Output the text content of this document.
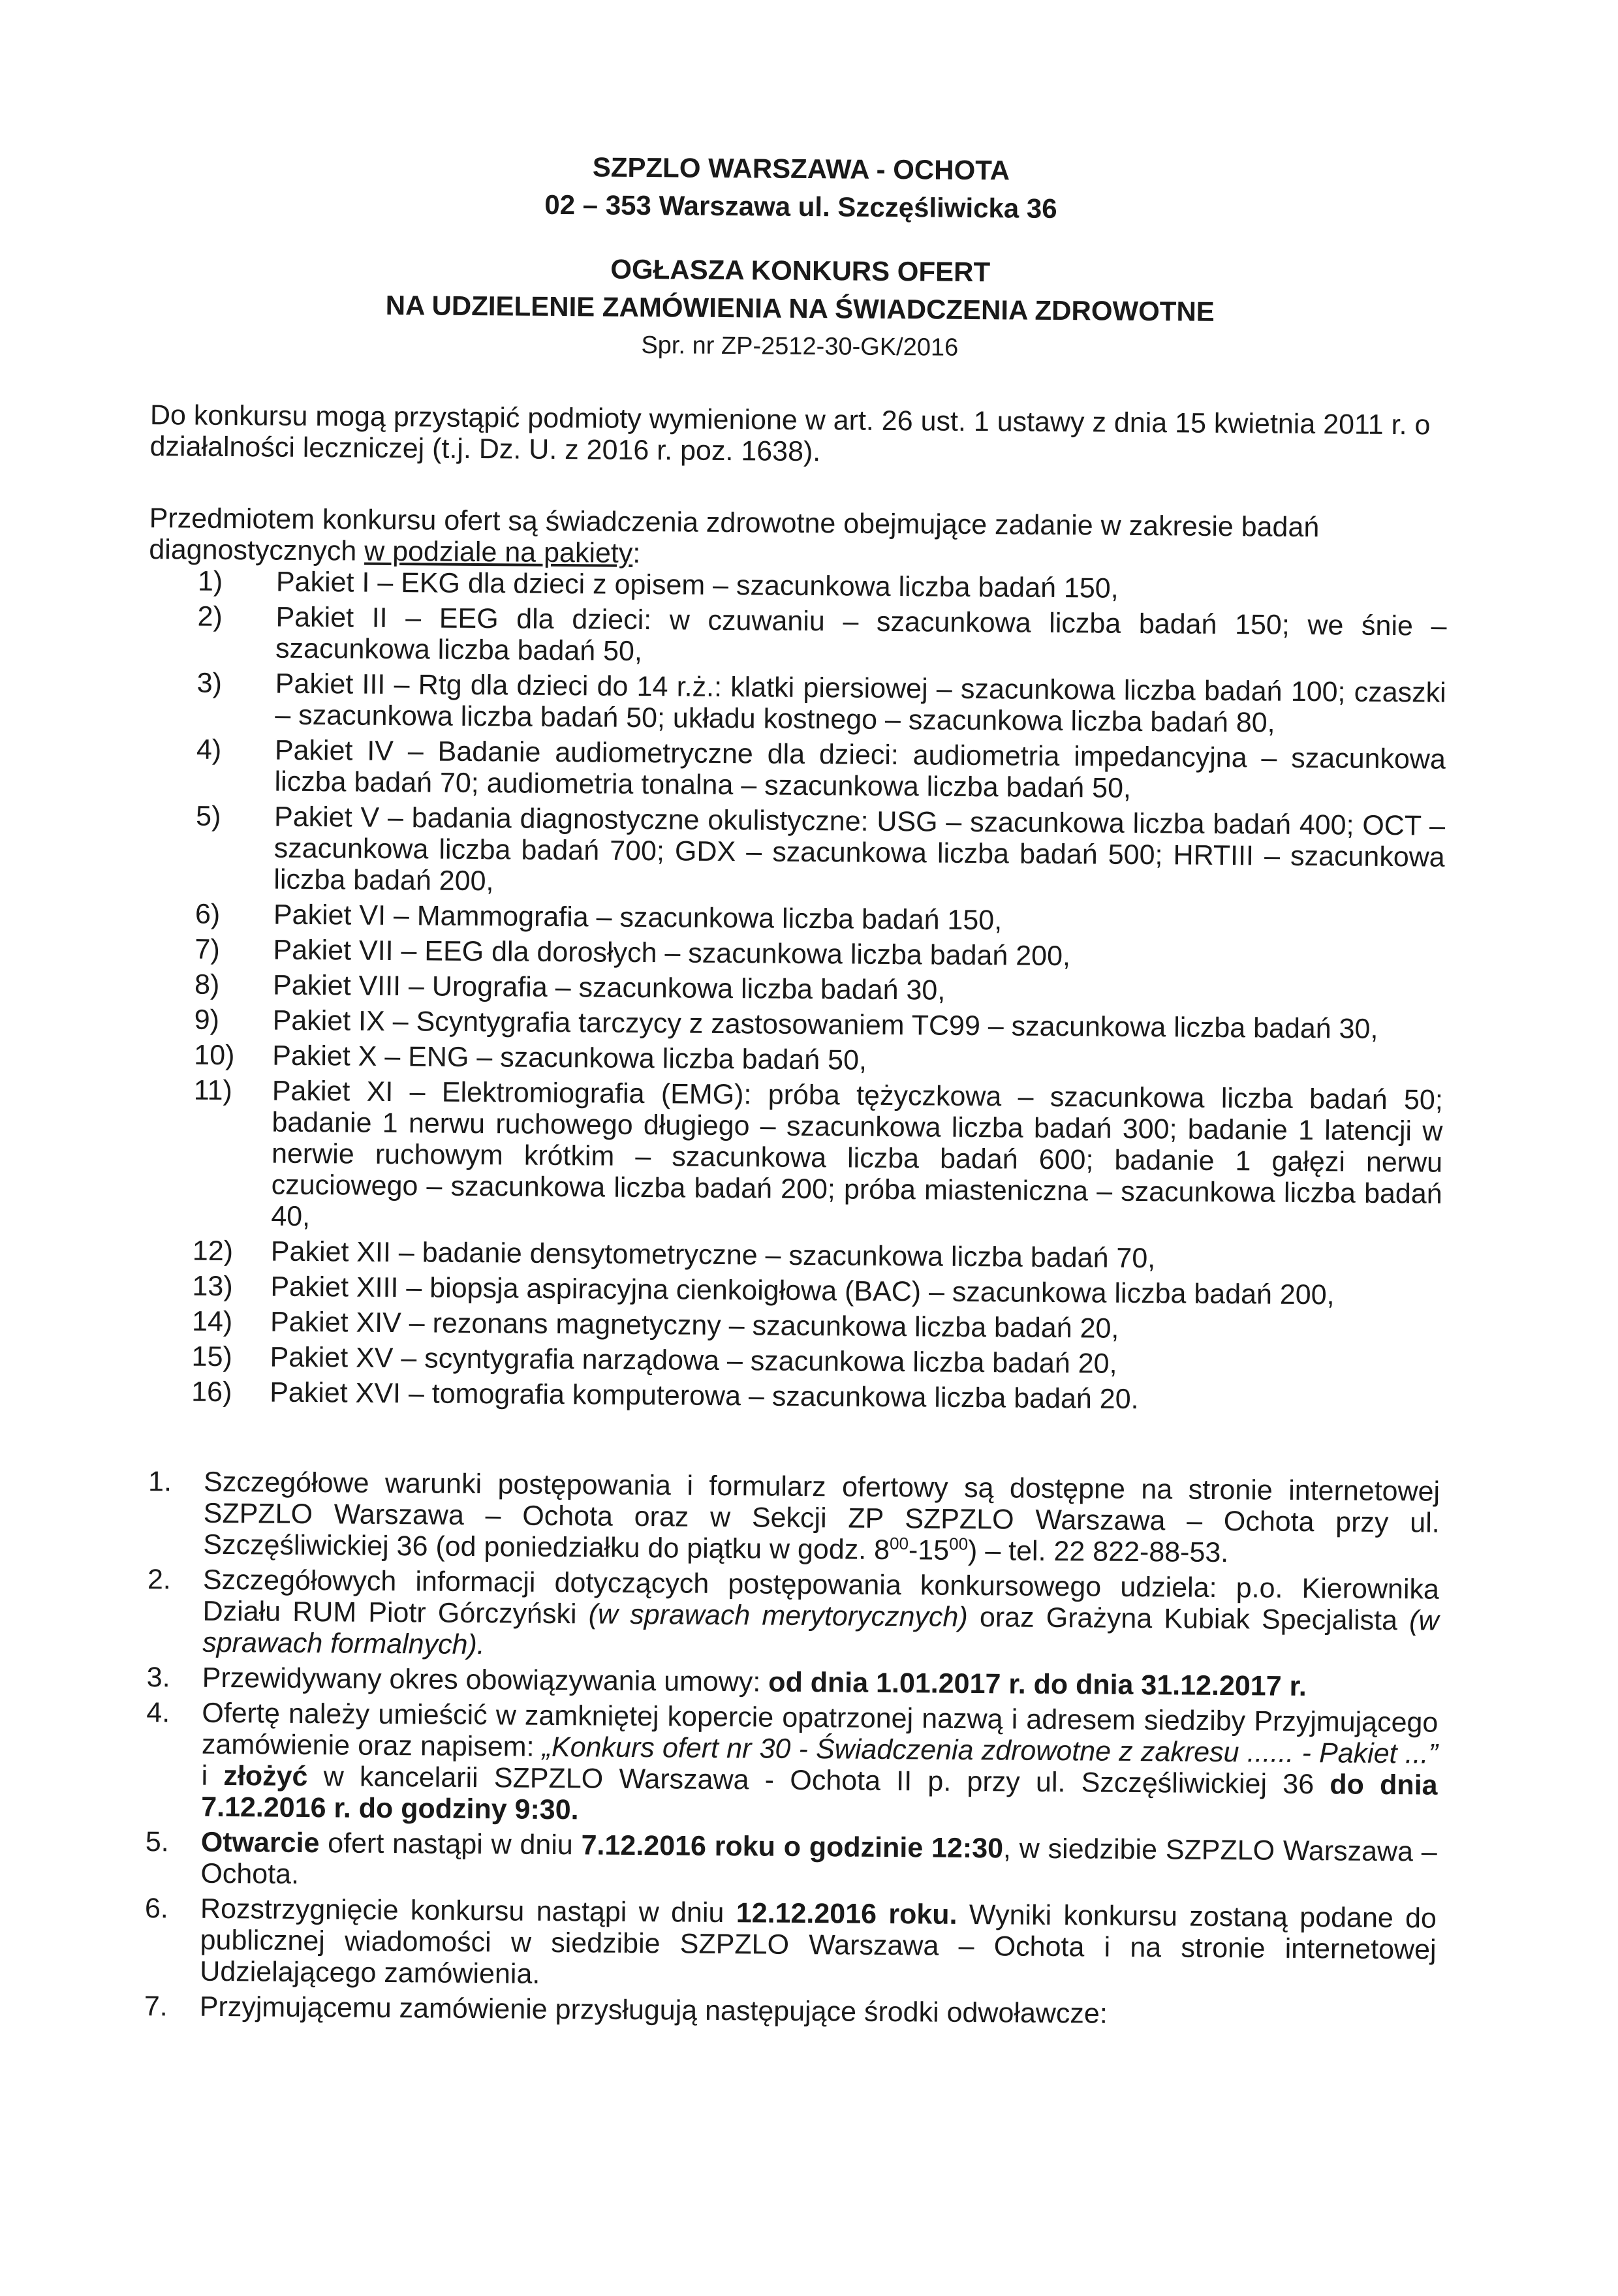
SZPZLO WARSZAWA - OCHOTA
02 – 353 Warszawa ul. Szczęśliwicka 36
OGŁASZA KONKURS OFERT
NA UDZIELENIE ZAMÓWIENIA NA ŚWIADCZENIA ZDROWOTNE
Spr. nr ZP-2512-30-GK/2016

Do konkursu mogą przystąpić podmioty wymienione w art. 26 ust. 1 ustawy z dnia 15 kwietnia 2011 r. o działalności leczniczej (t.j. Dz. U. z 2016 r. poz. 1638).

Przedmiotem konkursu ofert są świadczenia zdrowotne obejmujące zadanie w zakresie badań diagnostycznych w podziale na pakiety:

1)	Pakiet I – EKG dla dzieci z opisem – szacunkowa liczba badań 150,
2)	Pakiet II – EEG dla dzieci: w czuwaniu – szacunkowa liczba badań 150; we śnie – szacunkowa liczba badań 50,
3)	Pakiet III – Rtg dla dzieci do 14 r.ż.: klatki piersiowej – szacunkowa liczba badań 100; czaszki – szacunkowa liczba badań 50; układu kostnego – szacunkowa liczba badań 80,
4)	Pakiet IV – Badanie audiometryczne dla dzieci: audiometria impedancyjna – szacunkowa liczba badań 70; audiometria tonalna – szacunkowa liczba badań 50,
5)	Pakiet V – badania diagnostyczne okulistyczne: USG – szacunkowa liczba badań 400; OCT – szacunkowa liczba badań 700; GDX – szacunkowa liczba badań 500; HRTIII – szacunkowa liczba badań 200,
6)	Pakiet VI – Mammografia – szacunkowa liczba badań 150,
7)	Pakiet VII – EEG dla dorosłych – szacunkowa liczba badań 200,
8)	Pakiet VIII – Urografia – szacunkowa liczba badań 30,
9)	Pakiet IX – Scyntygrafia tarczycy z zastosowaniem TC99 – szacunkowa liczba badań 30,
10)	Pakiet X – ENG – szacunkowa liczba badań 50,
11)	Pakiet XI – Elektromiografia (EMG): próba tężyczkowa – szacunkowa liczba badań 50; badanie 1 nerwu ruchowego długiego – szacunkowa liczba badań 300; badanie 1 latencji w nerwie ruchowym krótkim – szacunkowa liczba badań 600; badanie 1 gałęzi nerwu czuciowego – szacunkowa liczba badań 200; próba miasteniczna – szacunkowa liczba badań 40,
12)	Pakiet XII – badanie densytometryczne – szacunkowa liczba badań 70,
13)	Pakiet XIII – biopsja aspiracyjna cienkoigłowa (BAC) – szacunkowa liczba badań 200,
14)	Pakiet XIV – rezonans magnetyczny – szacunkowa liczba badań 20,
15)	Pakiet XV – scyntygrafia narządowa – szacunkowa liczba badań 20,
16)	Pakiet XVI – tomografia komputerowa – szacunkowa liczba badań 20.
1.	Szczegółowe warunki postępowania i formularz ofertowy są dostępne na stronie internetowej SZPZLO Warszawa – Ochota oraz w Sekcji ZP SZPZLO Warszawa – Ochota przy ul. Szczęśliwickiej 36 (od poniedziałku do piątku w godz. $8^{00}-15^{00}$) – tel. 22 822-88-53.
2.	Szczegółowych informacji dotyczących postępowania konkursowego udziela: p.o. Kierownika Działu RUM Piotr Górczyński (w sprawach merytorycznych) oraz Grażyna Kubiak Specjalista (w sprawach formalnych).
3.	Przewidywany okres obowiązywania umowy: od dnia 1.01.2017 r. do dnia 31.12.2017 r.
4.	Ofertę należy umieścić w zamkniętej kopercie opatrzonej nazwą i adresem siedziby Przyjmującego zamówienie oraz napisem: „Konkurs ofert nr 30 - Świadczenia zdrowotne z zakresu ...... - Pakiet ...” i złożyć w kancelarii SZPZLO Warszawa - Ochota II p. przy ul. Szczęśliwickiej 36 do dnia 7.12.2016 r. do godziny 9:30.
5.	Otwarcie ofert nastąpi w dniu 7.12.2016 roku o godzinie 12:30, w siedzibie SZPZLO Warszawa – Ochota.
6.	Rozstrzygnięcie konkursu nastąpi w dniu 12.12.2016 roku. Wyniki konkursu zostaną podane do publicznej wiadomości w siedzibie SZPZLO Warszawa – Ochota i na stronie internetowej Udzielającego zamówienia.
7.	Przyjmującemu zamówienie przysługują następujące środki odwoławcze:
